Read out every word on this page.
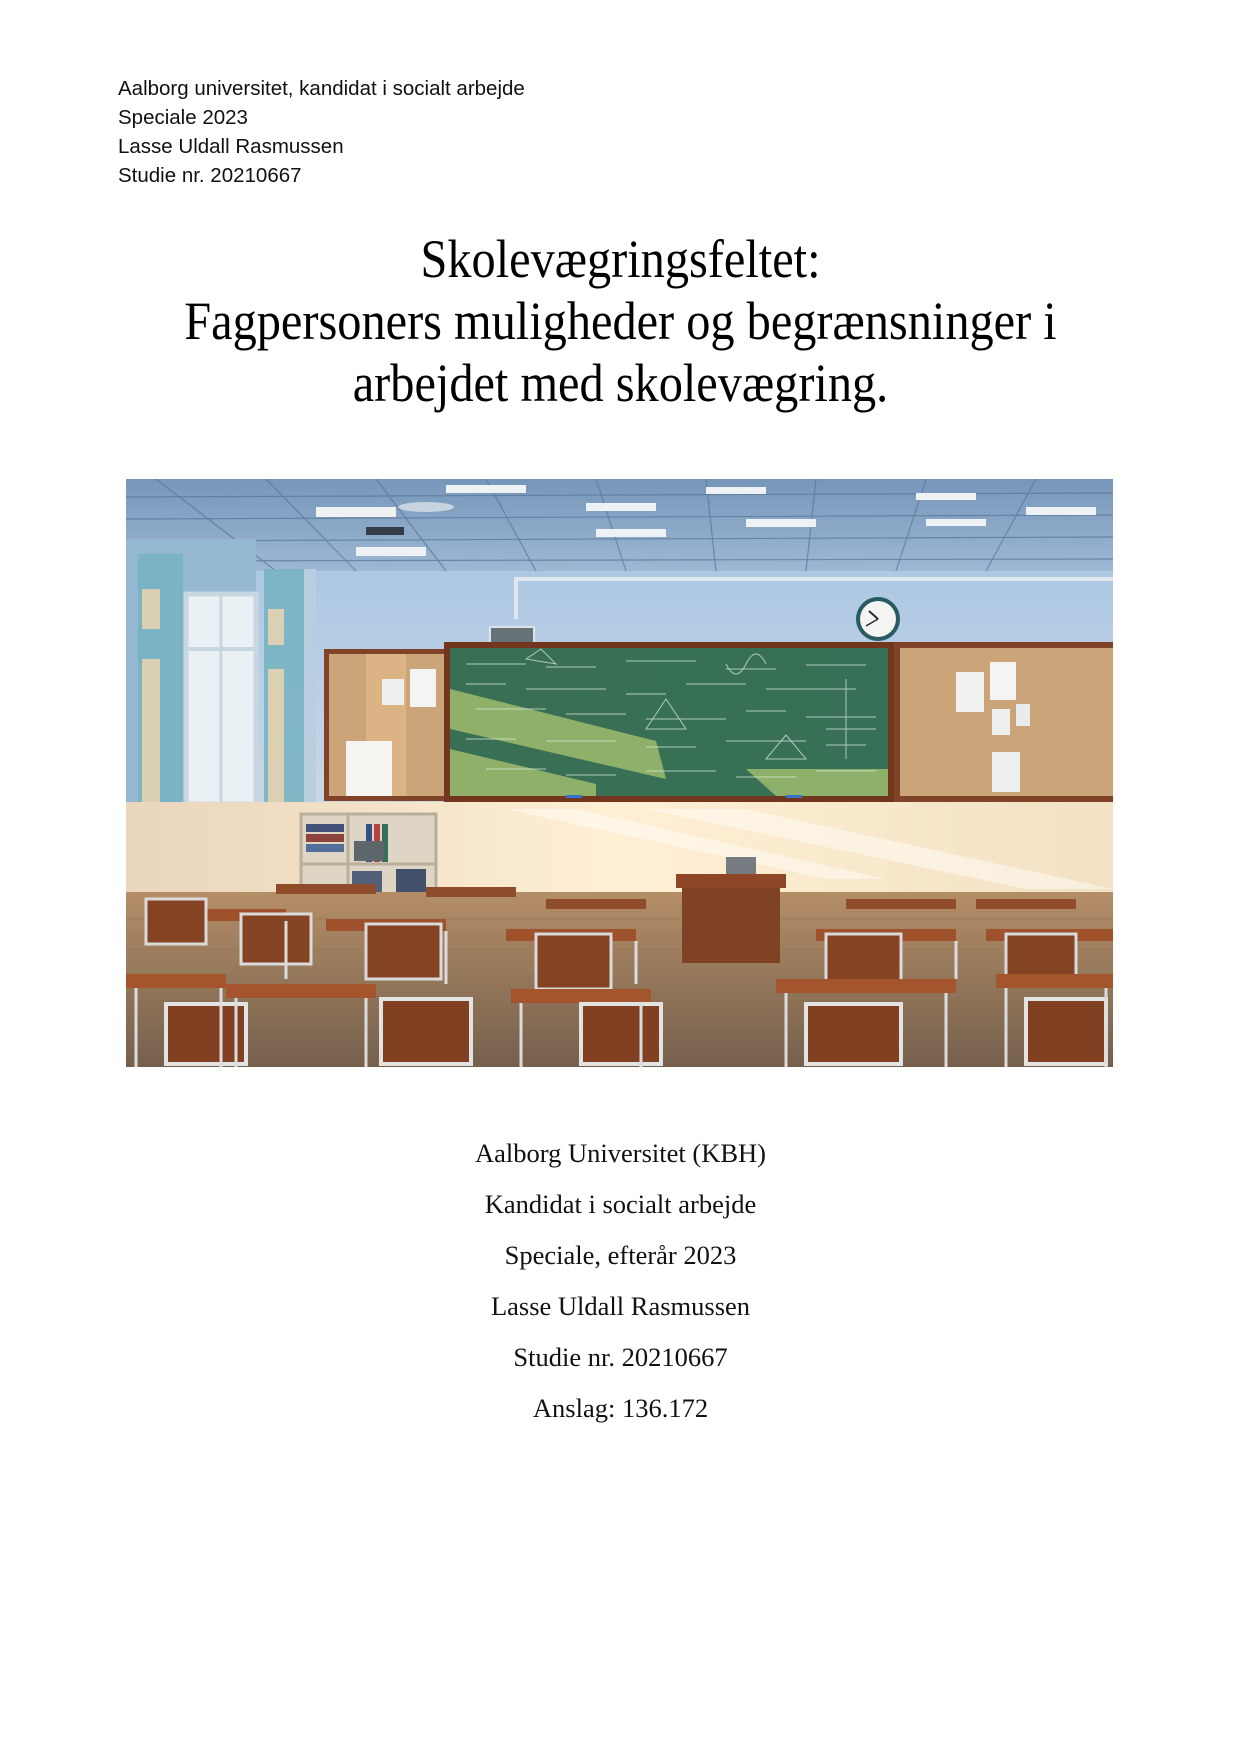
Aalborg universitet, kandidat i socialt arbejde
Speciale 2023
Lasse Uldall Rasmussen
Studie nr. 20210667
Skolevægringsfeltet:
Fagpersoners muligheder og begrænsninger i
arbejdet med skolevægring.
Aalborg Universitet (KBH)
Kandidat i socialt arbejde
Speciale, efterår 2023
Lasse Uldall Rasmussen
Studie nr. 20210667
Anslag: 136.172
